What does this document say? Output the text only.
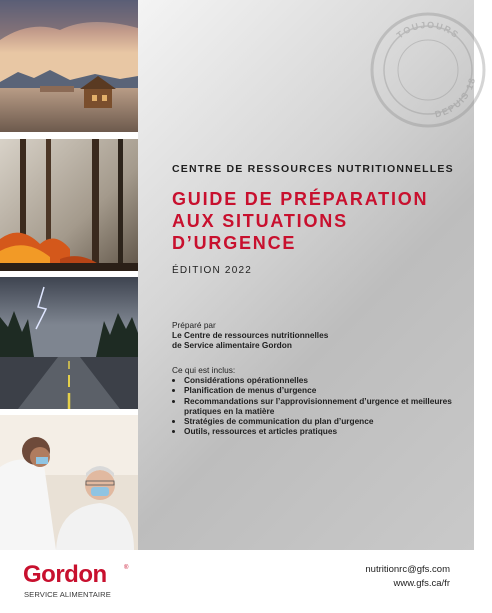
TOUJOURS
DEPUIS 18
CENTRE DE RESSOURCES NUTRITIONNELLES
GUIDE DE PRÉPARATION
AUX SITUATIONS
D’URGENCE
ÉDITION 2022
Préparé par
Le Centre de ressources nutritionnelles
de Service alimentaire Gordon
Ce qui est inclus:
• Considérations opérationnelles
• Planification de menus d’urgence
• Recommandations sur l’approvisionnement d’urgence et meilleures pratiques en la matière
• Stratégies de communication du plan d’urgence
• Outils, ressources et articles pratiques
Gordon	®
SERVICE ALIMENTAIRE
nutritionrc@gfs.com
www.gfs.ca/fr
